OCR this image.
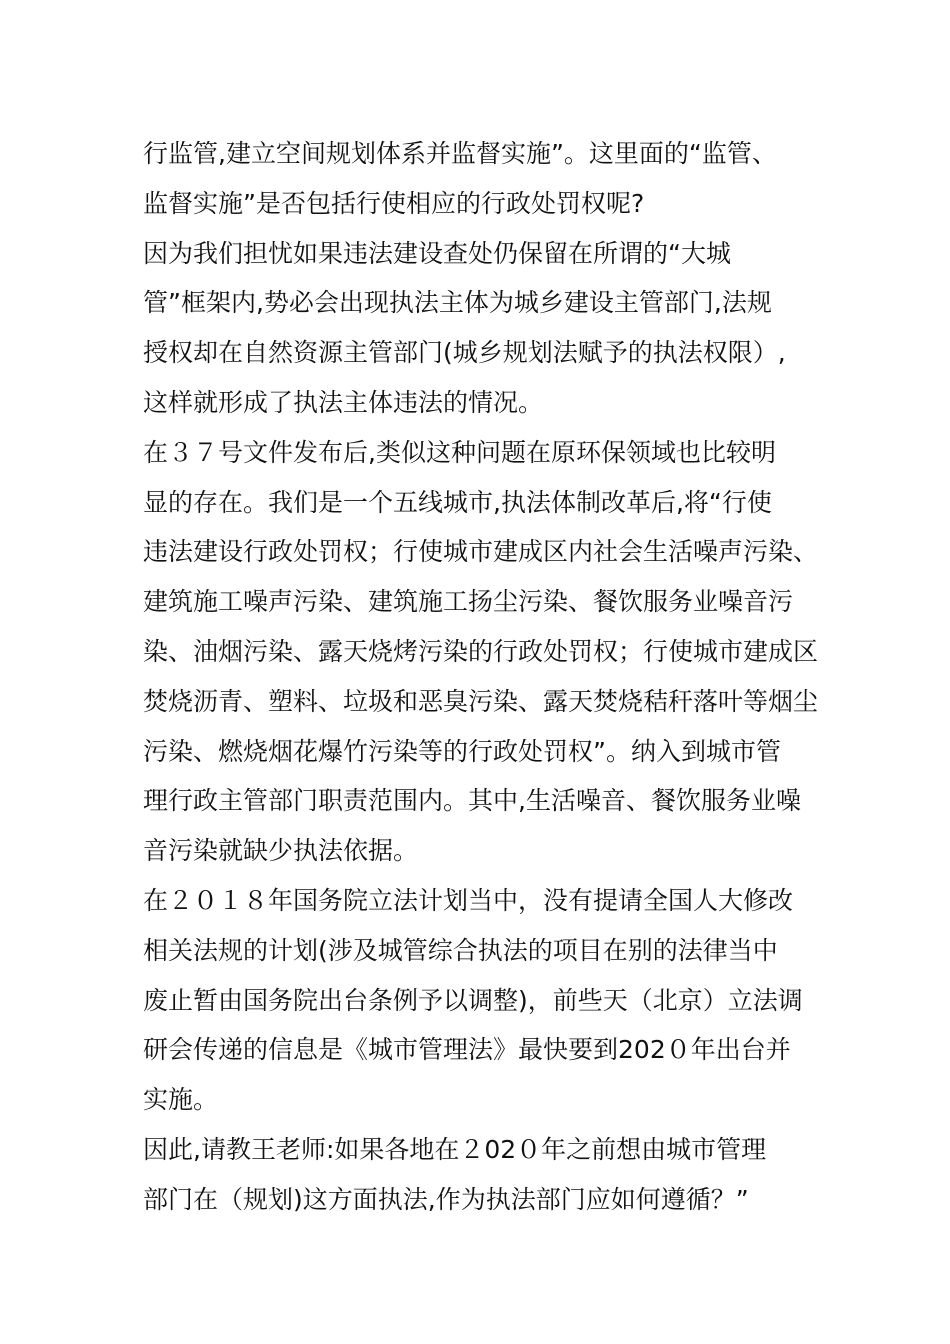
行监管,建立空间规划体系并监督实施”。这里面的“监管、
监督实施”是否包括行使相应的行政处罚权呢?
因为我们担忧如果违法建设查处仍保留在所谓的“大城
管”框架内,势必会出现执法主体为城乡建设主管部门,法规
授权却在自然资源主管部门(城乡规划法赋予的执法权限）,
这样就形成了执法主体违法的情况。
在３７号文件发布后,类似这种问题在原环保领域也比较明
显的存在。我们是一个五线城市,执法体制改革后,将“行使
违法建设行政处罚权；行使城市建成区内社会生活噪声污染、
建筑施工噪声污染、建筑施工扬尘污染、餐饮服务业噪音污
染、油烟污染、露天烧烤污染的行政处罚权；行使城市建成区
焚烧沥青、塑料、垃圾和恶臭污染、露天焚烧秸秆落叶等烟尘
污染、燃烧烟花爆竹污染等的行政处罚权”。纳入到城市管
理行政主管部门职责范围内。其中,生活噪音、餐饮服务业噪
音污染就缺少执法依据。
在２０１８年国务院立法计划当中，没有提请全国人大修改
相关法规的计划(涉及城管综合执法的项目在别的法律当中
废止暂由国务院出台条例予以调整)，前些天（北京）立法调
研会传递的信息是《城市管理法》最快要到202０年出台并
实施。
因此,请教王老师:如果各地在２02０年之前想由城市管理
部门在（规划)这方面执法,作为执法部门应如何遵循？”
